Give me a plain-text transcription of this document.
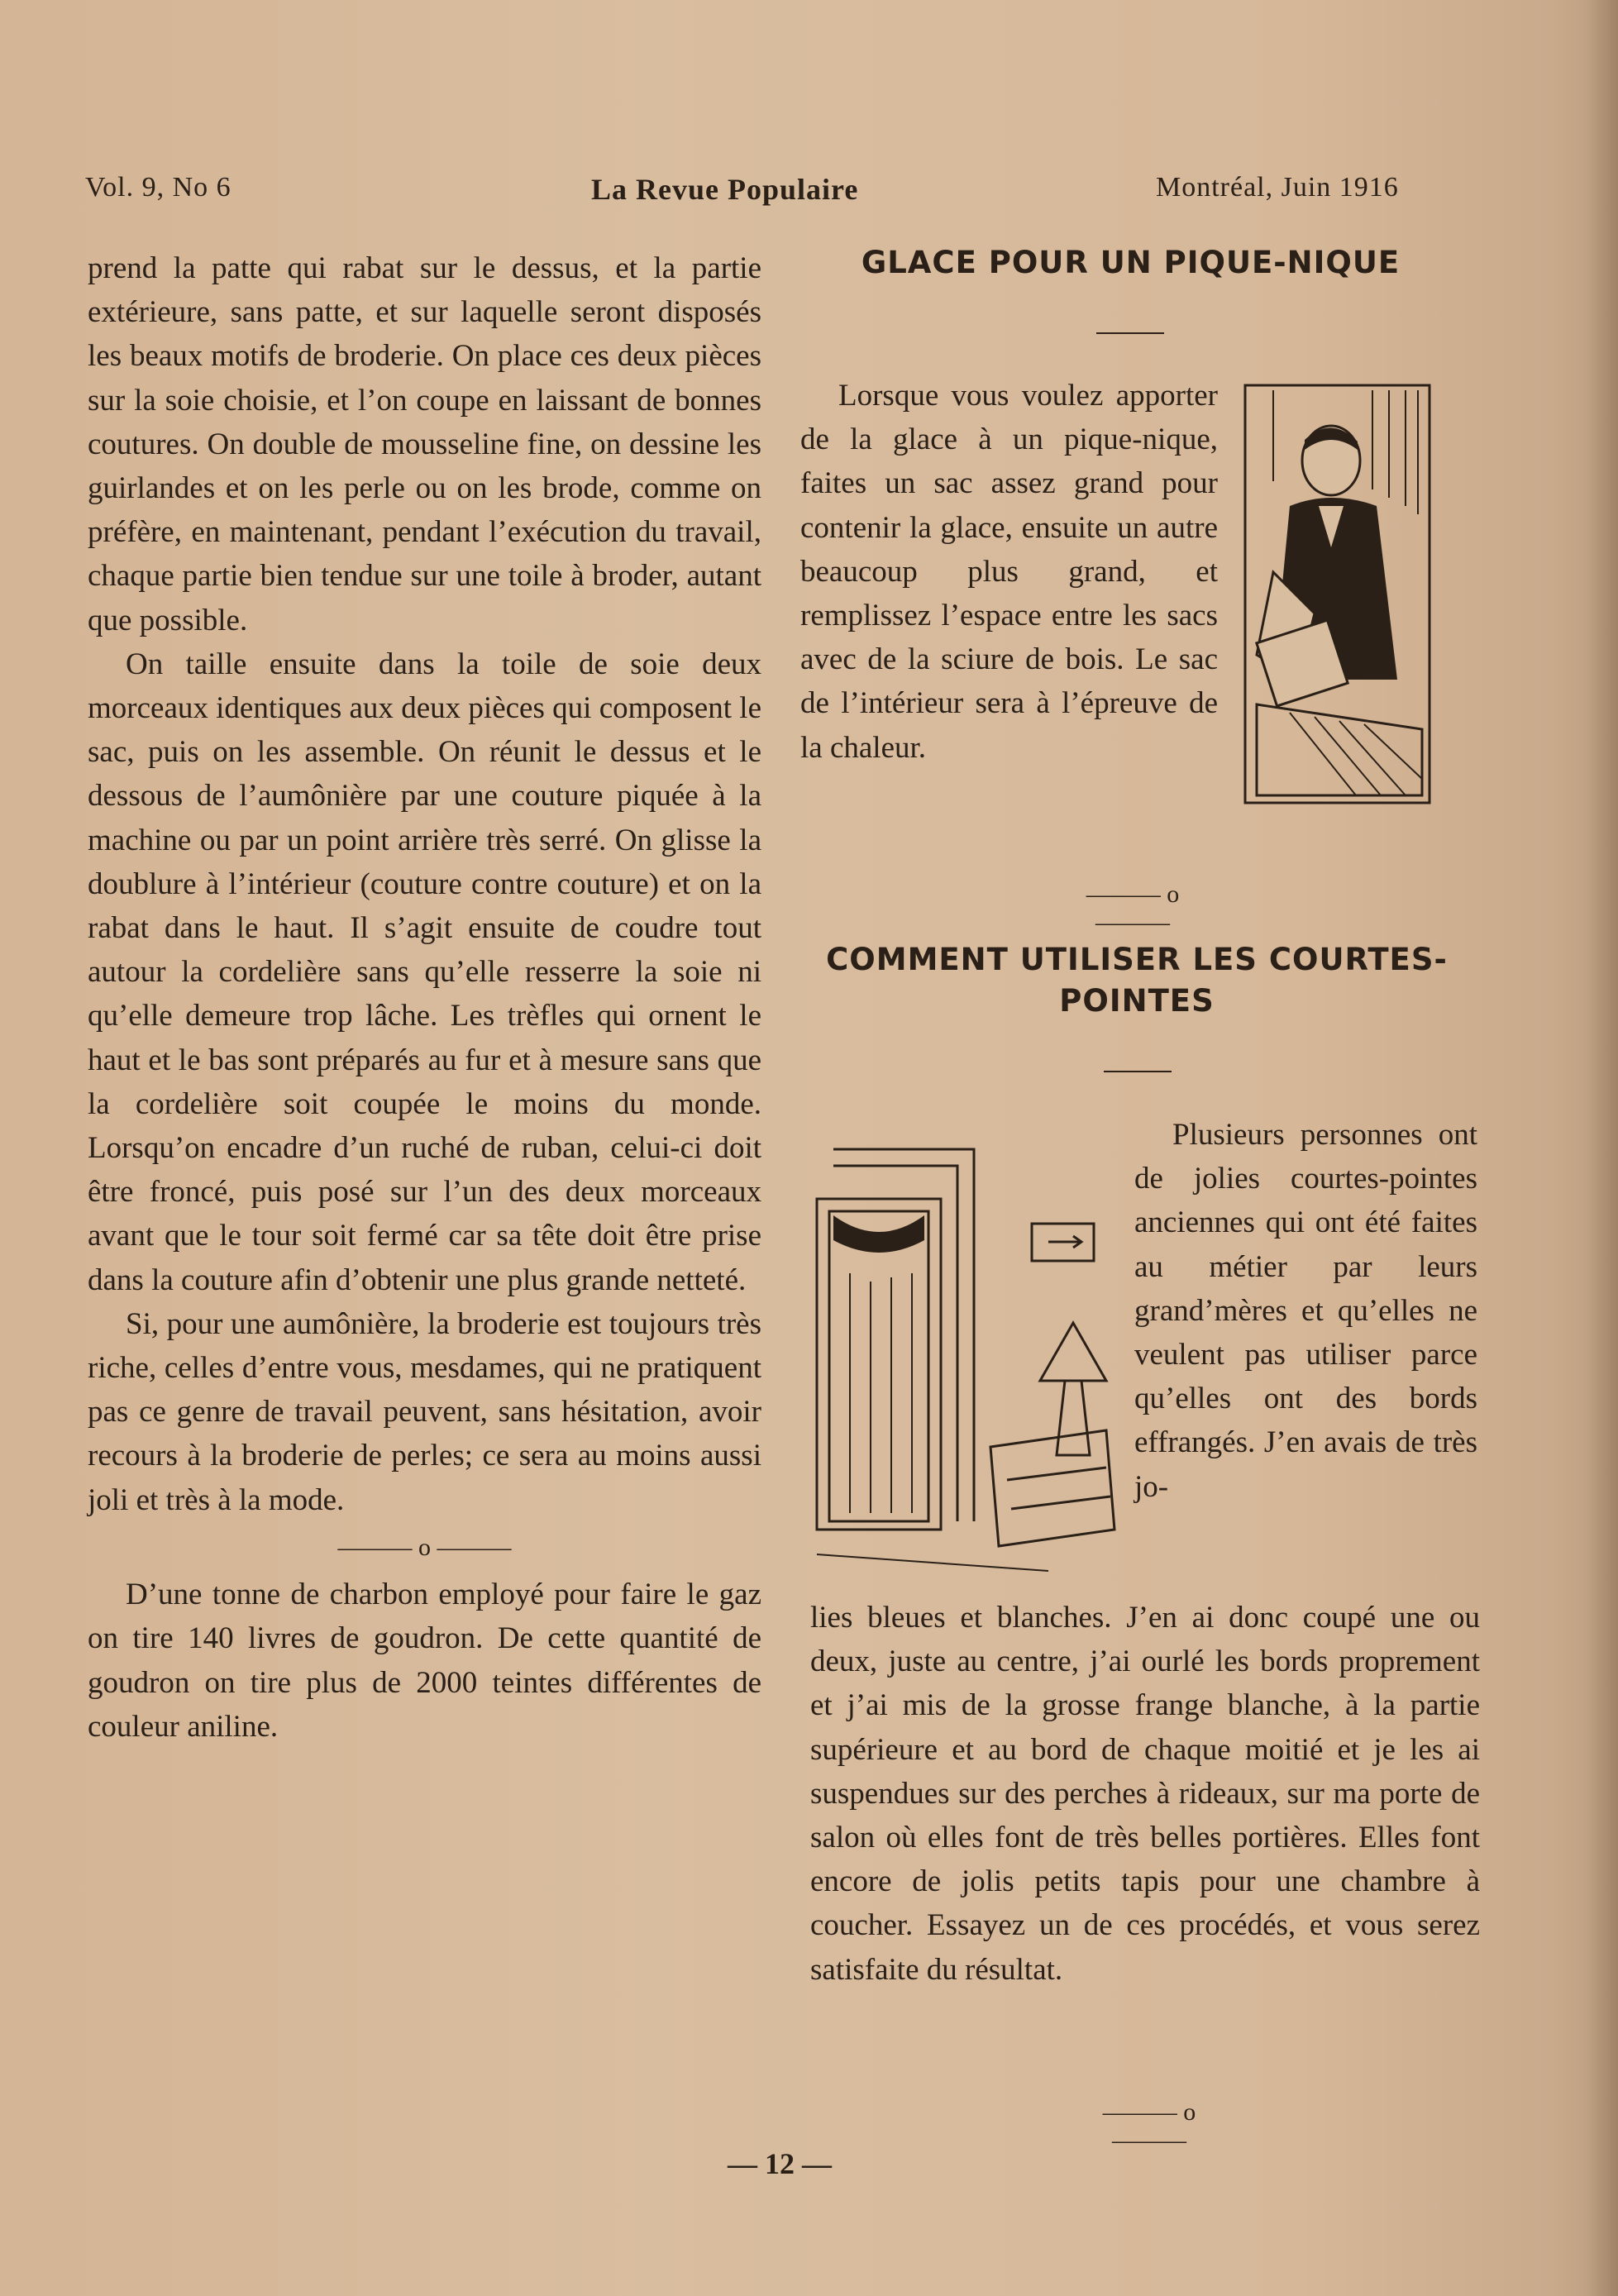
Vol. 9, No 6	La Revue Populaire	Montréal, Juin 1916

prend la patte qui rabat sur le dessus, et la partie extérieure, sans patte, et sur laquelle seront disposés les beaux motifs de broderie. On place ces deux pièces sur la soie choisie, et l’on coupe en laissant de bonnes coutures. On double de mousseline fine, on dessine les guirlandes et on les perle ou on les brode, comme on préfère, en maintenant, pendant l’exécution du travail, chaque partie bien tendue sur une toile à broder, autant que possible.

On taille ensuite dans la toile de soie deux morceaux identiques aux deux pièces qui composent le sac, puis on les assemble. On réunit le dessus et le dessous de l’aumônière par une couture piquée à la machine ou par un point arrière très serré. On glisse la doublure à l’intérieur (couture contre couture) et on la rabat dans le haut. Il s’agit ensuite de coudre tout autour la cordelière sans qu’elle resserre la soie ni qu’elle demeure trop lâche. Les trèfles qui ornent le haut et le bas sont préparés au fur et à mesure sans que la cordelière soit coupée le moins du monde. Lorsqu’on encadre d’un ruché de ruban, celui-ci doit être froncé, puis posé sur l’un des deux morceaux avant que le tour soit fermé car sa tête doit être prise dans la couture afin d’obtenir une plus grande netteté.

Si, pour une aumônière, la broderie est toujours très riche, celles d’entre vous, mesdames, qui ne pratiquent pas ce genre de travail peuvent, sans hésitation, avoir recours à la broderie de perles; ce sera au moins aussi joli et très à la mode.

——— o ———

D’une tonne de charbon employé pour faire le gaz on tire 140 livres de goudron. De cette quantité de goudron on tire plus de 2000 teintes différentes de couleur aniline.

GLACE POUR UN PIQUE-NIQUE

Lorsque vous voulez apporter de la glace à un pique-nique, faites un sac assez grand pour contenir la glace, ensuite un autre beaucoup plus grand, et remplissez l’espace entre les sacs avec de la sciure de bois. Le sac de l’intérieur sera à l’épreuve de la chaleur.

——— o ———
COMMENT UTILISER LES COURTES-
POINTES

Plusieurs personnes ont de jolies courtes-pointes anciennes qui ont été faites au métier par leurs grand’mères et qu’elles ne veulent pas utiliser parce qu’elles ont des bords effrangés. J’en avais de très jo-

lies bleues et blanches. J’en ai donc coupé une ou deux, juste au centre, j’ai ourlé les bords proprement et j’ai mis de la grosse frange blanche, à la partie supérieure et au bord de chaque moitié et je les ai suspendues sur des perches à rideaux, sur ma porte de salon où elles font de très belles portières. Elles font encore de jolis petits tapis pour une chambre à coucher. Essayez un de ces procédés, et vous serez satisfaite du résultat.

——— o ———
— 12 —
